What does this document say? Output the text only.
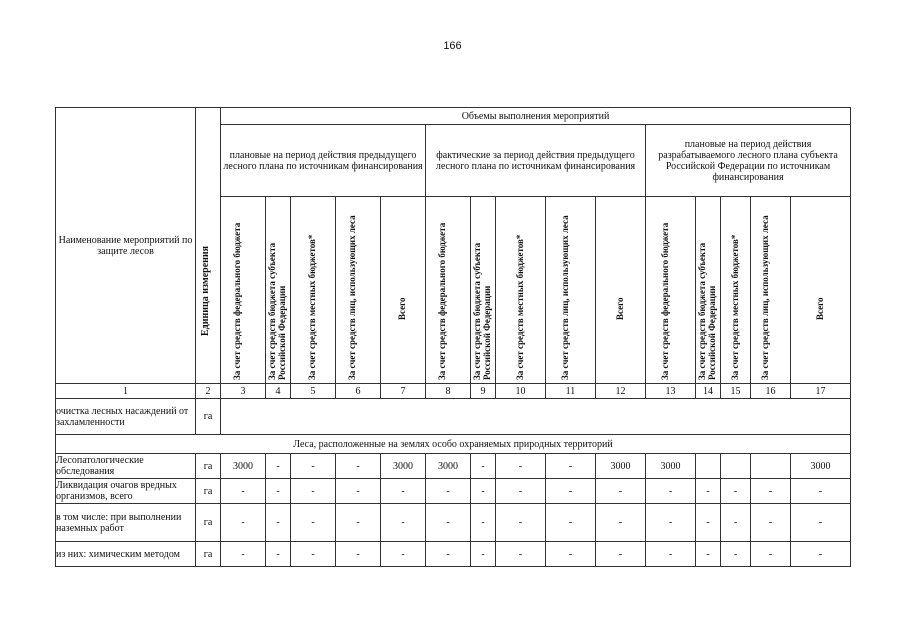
166
Наименование мероприятий по защите лесов	Единица измерения	Объемы выполнения мероприятий														
		плановые на период действия предыдущего лесного плана по источникам финансирования					фактические за период действия предыдущего лесного плана по источникам финансирования					плановые на период действия разрабатываемого лесного плана субъекта Российской Федерации по источникам финансирования				

		За счет средств федерального бюджета	За счет средств бюджета субъекта Российской Федерации	За счет средств местных бюджетов*	За счет средств лиц, использующих леса	Всего	За счет средств федерального бюджета	За счет средств бюджета субъекта Российской Федерации	За счет средств местных бюджетов*	За счет средств лиц, использующих леса	Всего	За счет средств федерального бюджета	За счет средств бюджета субъекта Российской Федерации	За счет средств местных бюджетов*	За счет средств лиц, использующих леса	Всего

1	2	3	4	5	6	7	8	9	10	11	12	13	14	15	16	17
очистка лесных насаждений от захламленности	га															
Леса, расположенные на землях особо охраняемых природных территорий																
Лесопатологические обследования	га	3000	-	-	-	3000	3000	-	-	-	3000	3000				3000
Ликвидация очагов вредных организмов, всего	га	-	-	-	-	-	-	-	-	-	-	-	-	-	-	-
в том числе: при выполнении наземных работ	га	-	-	-	-	-	-	-	-	-	-	-	-	-	-	-
из них: химическим методом	га	-	-	-	-	-	-	-	-	-	-	-	-	-	-	-
